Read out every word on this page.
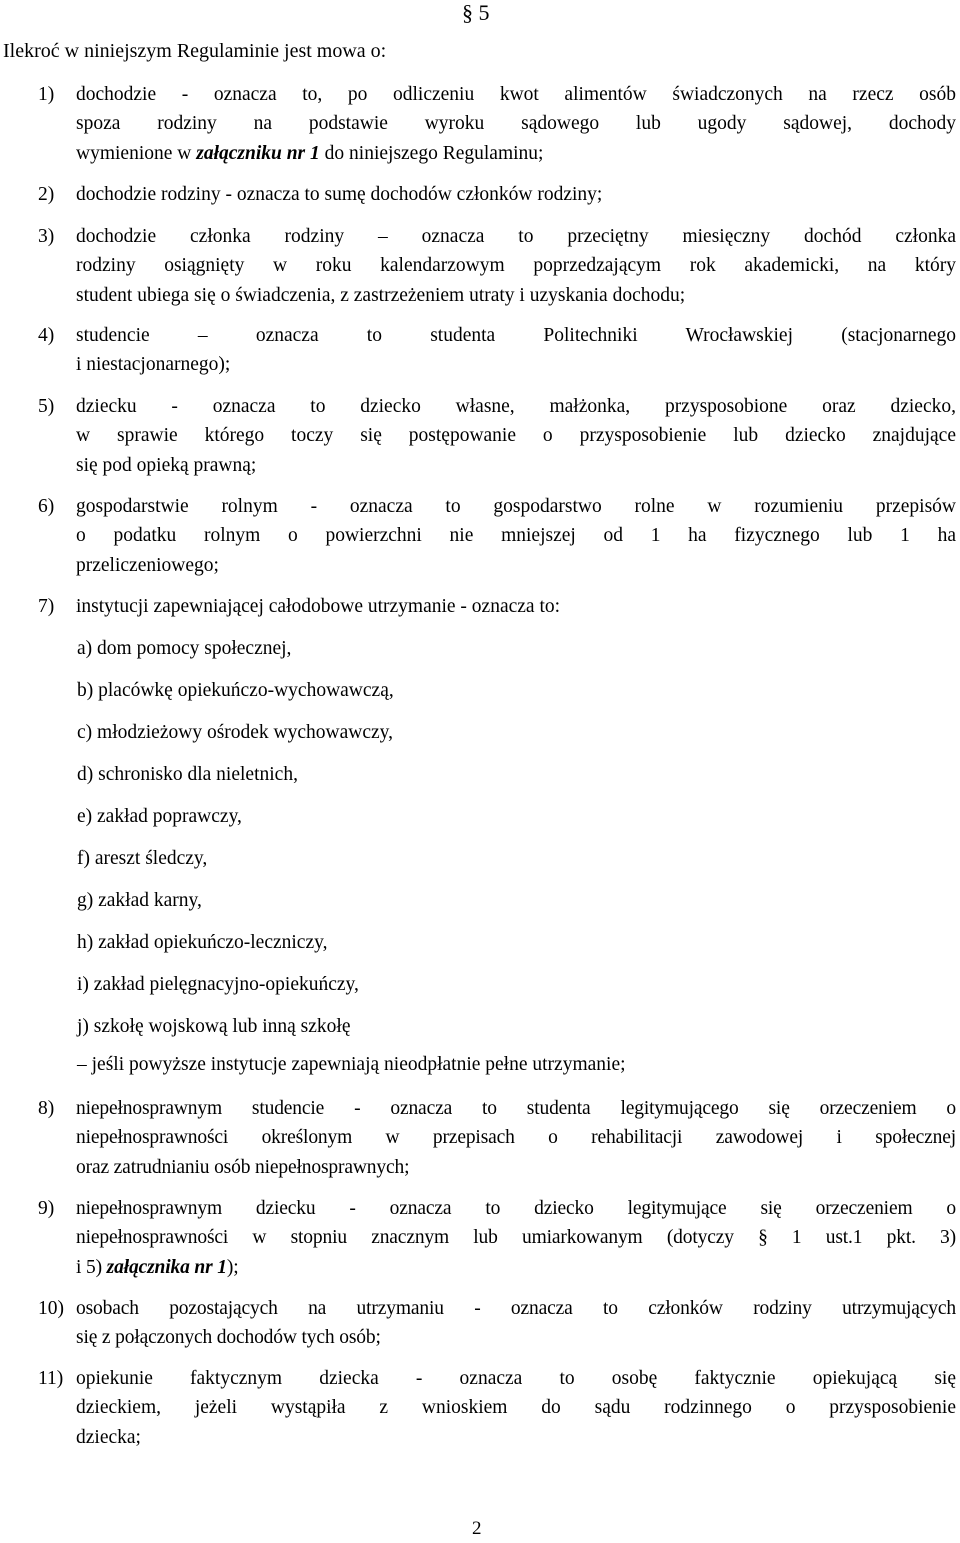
§ 5
Ilekroć w niniejszym Regulaminie jest mowa o:
1) dochodzie - oznacza to, po odliczeniu kwot alimentów świadczonych na rzecz osób
spoza rodziny na podstawie wyroku sądowego lub ugody sądowej, dochody
wymienione w załączniku nr 1 do niniejszego Regulaminu;
2) dochodzie rodziny - oznacza to sumę dochodów członków rodziny;
3) dochodzie członka rodziny – oznacza to przeciętny miesięczny dochód członka
rodziny osiągnięty w roku kalendarzowym poprzedzającym rok akademicki, na który
student ubiega się o świadczenia, z zastrzeżeniem utraty i uzyskania dochodu;
4) studencie – oznacza to studenta Politechniki Wrocławskiej (stacjonarnego
i niestacjonarnego);
5) dziecku - oznacza to dziecko własne, małżonka, przysposobione oraz dziecko,
w sprawie którego toczy się postępowanie o przysposobienie lub dziecko znajdujące
się pod opieką prawną;
6) gospodarstwie rolnym - oznacza to gospodarstwo rolne w rozumieniu przepisów
o podatku rolnym o powierzchni nie mniejszej od 1 ha fizycznego lub 1 ha
przeliczeniowego;
7) instytucji zapewniającej całodobowe utrzymanie - oznacza to:
a) dom pomocy społecznej,
b) placówkę opiekuńczo-wychowawczą,
c) młodzieżowy ośrodek wychowawczy,
d) schronisko dla nieletnich,
e) zakład poprawczy,
f) areszt śledczy,
g) zakład karny,
h) zakład opiekuńczo-leczniczy,
i) zakład pielęgnacyjno-opiekuńczy,
j) szkołę wojskową lub inną szkołę
– jeśli powyższe instytucje zapewniają nieodpłatnie pełne utrzymanie;
8) niepełnosprawnym studencie - oznacza to studenta legitymującego się orzeczeniem o
niepełnosprawności określonym w przepisach o rehabilitacji zawodowej i społecznej
oraz zatrudnianiu osób niepełnosprawnych;
9) niepełnosprawnym dziecku - oznacza to dziecko legitymujące się orzeczeniem o
niepełnosprawności w stopniu znacznym lub umiarkowanym (dotyczy § 1 ust.1 pkt. 3)
i 5) załącznika nr 1);
10) osobach pozostających na utrzymaniu - oznacza to członków rodziny utrzymujących
się z połączonych dochodów tych osób;
11) opiekunie faktycznym dziecka - oznacza to osobę faktycznie opiekującą się
dzieckiem, jeżeli wystąpiła z wnioskiem do sądu rodzinnego o przysposobienie
dziecka;
2
